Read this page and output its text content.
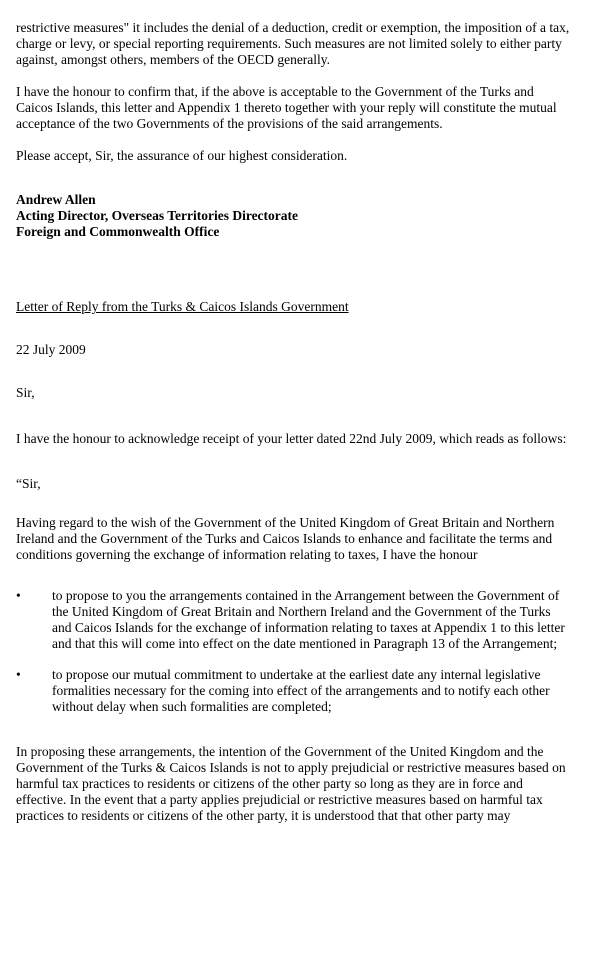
restrictive measures" it includes the denial of a deduction, credit or exemption, the imposition of a tax, charge or levy, or special reporting requirements. Such measures are not limited solely to either party against, amongst others, members of the OECD generally.

I have the honour to confirm that, if the above is acceptable to the Government of the Turks and Caicos Islands, this letter and Appendix 1 thereto together with your reply will constitute the mutual acceptance of the two Governments of the provisions of the said arrangements.

Please accept, Sir, the assurance of our highest consideration.

Andrew Allen

Acting Director, Overseas Territories Directorate

Foreign and Commonwealth Office

Letter of Reply from the Turks & Caicos Islands Government

22 July 2009

Sir,

I have the honour to acknowledge receipt of your letter dated 22nd July 2009, which reads as follows:

“Sir,

Having regard to the wish of the Government of the United Kingdom of Great Britain and Northern Ireland and the Government of the Turks and Caicos Islands to enhance and facilitate the terms and conditions governing the exchange of information relating to taxes, I have the honour

• to propose to you the arrangements contained in the Arrangement between the Government of the United Kingdom of Great Britain and Northern Ireland and the Government of the Turks and Caicos Islands for the exchange of information relating to taxes at Appendix 1 to this letter and that this will come into effect on the date mentioned in Paragraph 13 of the Arrangement;

• to propose our mutual commitment to undertake at the earliest date any internal legislative formalities necessary for the coming into effect of the arrangements and to notify each other without delay when such formalities are completed;

In proposing these arrangements, the intention of the Government of the United Kingdom and the Government of the Turks & Caicos Islands is not to apply prejudicial or restrictive measures based on harmful tax practices to residents or citizens of the other party so long as they are in force and effective. In the event that a party applies prejudicial or restrictive measures based on harmful tax practices to residents or citizens of the other party, it is understood that that other party may
